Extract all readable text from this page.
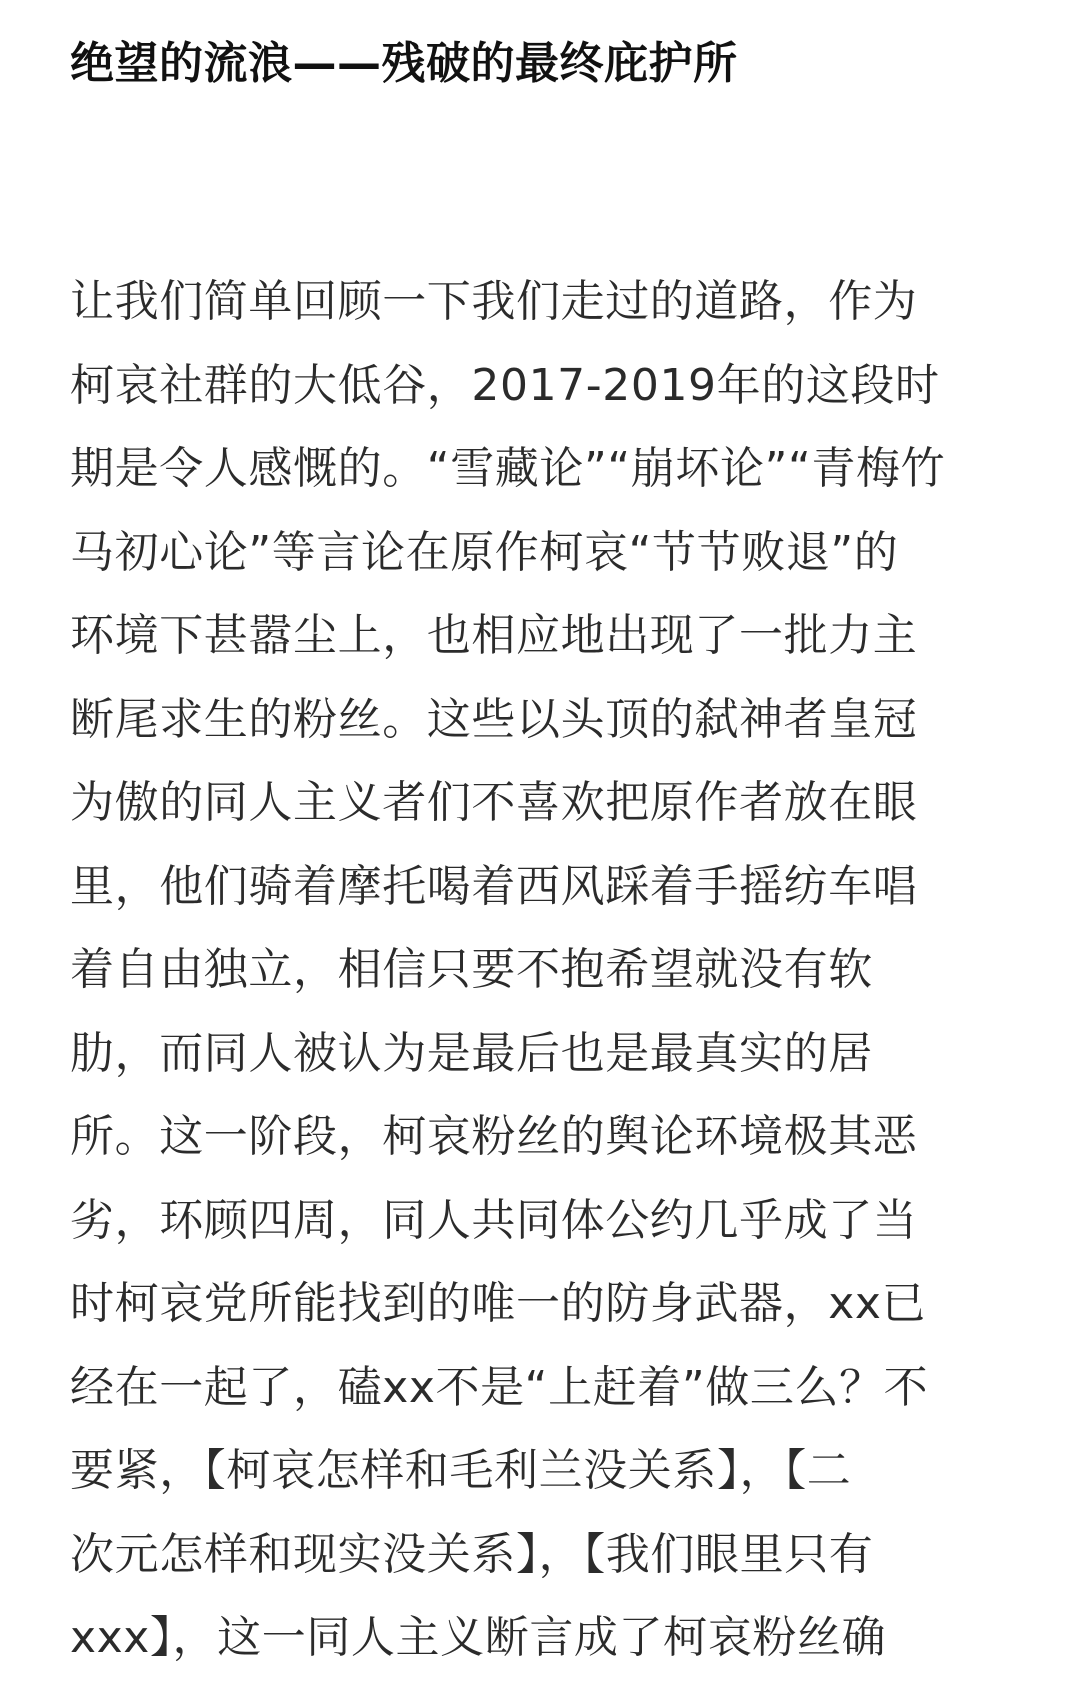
绝望的流浪——残破的最终庇护所
让我们简单回顾一下我们走过的道路，作为
柯哀社群的大低谷，2017-2019年的这段时
期是令人感慨的。“雪藏论”“崩坏论”“青梅竹
马初心论”等言论在原作柯哀“节节败退”的
环境下甚嚣尘上，也相应地出现了一批力主
断尾求生的粉丝。这些以头顶的弑神者皇冠
为傲的同人主义者们不喜欢把原作者放在眼
里，他们骑着摩托喝着西风踩着手摇纺车唱
着自由独立，相信只要不抱希望就没有软
肋，而同人被认为是最后也是最真实的居
所。这一阶段，柯哀粉丝的舆论环境极其恶
劣，环顾四周，同人共同体公约几乎成了当
时柯哀党所能找到的唯一的防身武器，xx已
经在一起了，磕xx不是“上赶着”做三么？不
要紧，【柯哀怎样和毛利兰没关系】，【二
次元怎样和现实没关系】，【我们眼里只有
xxx】，这一同人主义断言成了柯哀粉丝确
